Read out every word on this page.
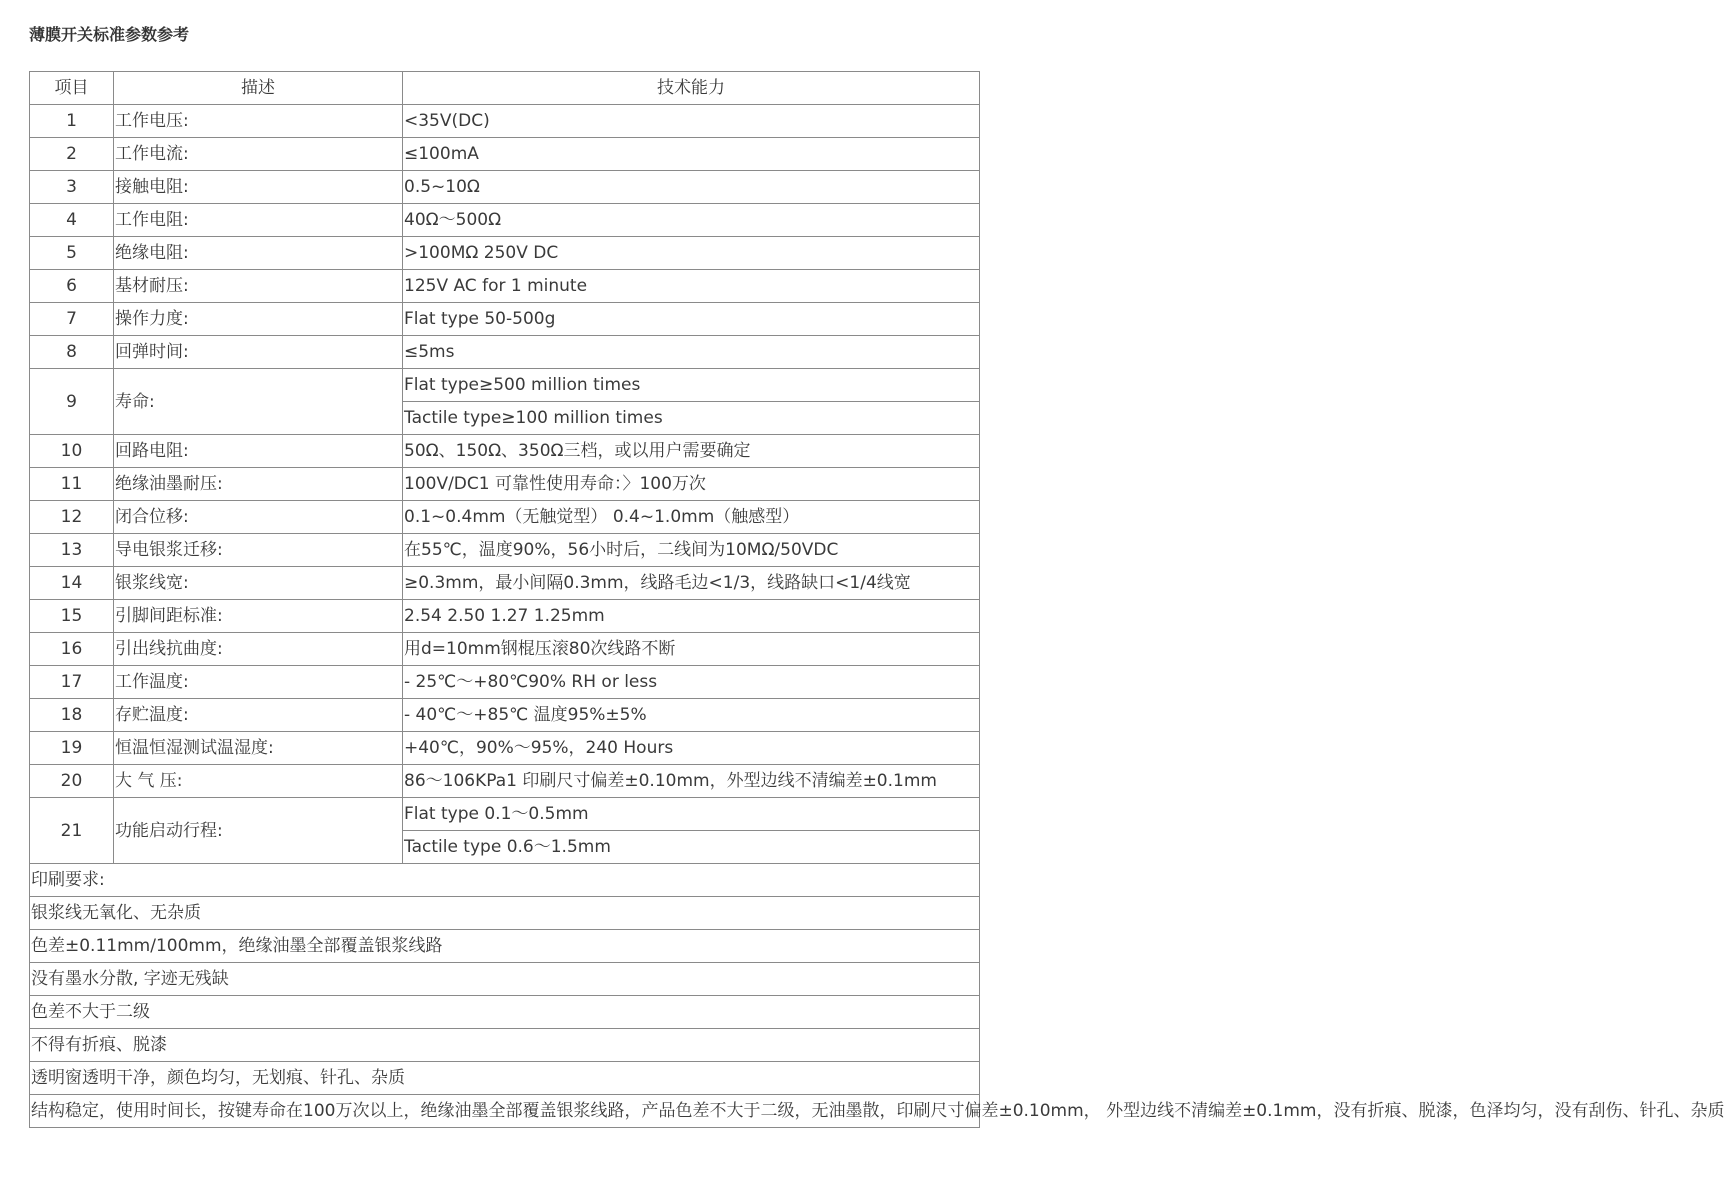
薄膜开关标准参数参考
项目	描述	技术能力
1	工作电压:	<35V(DC)
2	工作电流:	≤100mA
3	接触电阻:	0.5~10Ω
4	工作电阻:	40Ω～500Ω
5	绝缘电阻:	>100MΩ 250V DC
6	基材耐压:	125V AC for 1 minute
7	操作力度:	Flat type 50-500g
8	回弹时间:	≤5ms
9	寿命:	Flat type≥500 million times
		Tactile type≥100 million times
10	回路电阻:	50Ω、150Ω、350Ω三档，或以用户需要确定
11	绝缘油墨耐压:	100V/DC1 可靠性使用寿命：〉100万次
12	闭合位移:	0.1~0.4mm（无触觉型） 0.4~1.0mm（触感型）
13	导电银浆迁移:	在55℃，温度90%，56小时后，二线间为10MΩ/50VDC
14	银浆线宽:	≥0.3mm，最小间隔0.3mm，线路毛边<1/3，线路缺口<1/4线宽
15	引脚间距标准:	2.54 2.50 1.27 1.25mm
16	引出线抗曲度:	用d=10mm钢棍压滚80次线路不断
17	工作温度:	- 25℃～+80℃90% RH or less
18	存贮温度:	- 40℃～+85℃ 温度95%±5%
19	恒温恒湿测试温湿度:	+40℃，90%～95%，240 Hours
20	大 气 压:	86～106KPa1 印刷尺寸偏差±0.10mm，外型边线不清编差±0.1mm
21	功能启动行程:	Flat type 0.1～0.5mm
		Tactile type 0.6～1.5mm
印刷要求:		
银浆线无氧化、无杂质		
色差±0.11mm/100mm，绝缘油墨全部覆盖银浆线路		
没有墨水分散, 字迹无残缺		
色差不大于二级		
不得有折痕、脱漆		
透明窗透明干净，颜色均匀，无划痕、针孔、杂质		
结构稳定，使用时间长，按键寿命在100万次以上，绝缘油墨全部覆盖银浆线路，产品色差不大于二级，无油墨散，印刷尺寸偏差±0.10mm， 外型边线不清编差±0.1mm，没有折痕、脱漆，色泽均匀，没有刮伤、针孔、杂质		
